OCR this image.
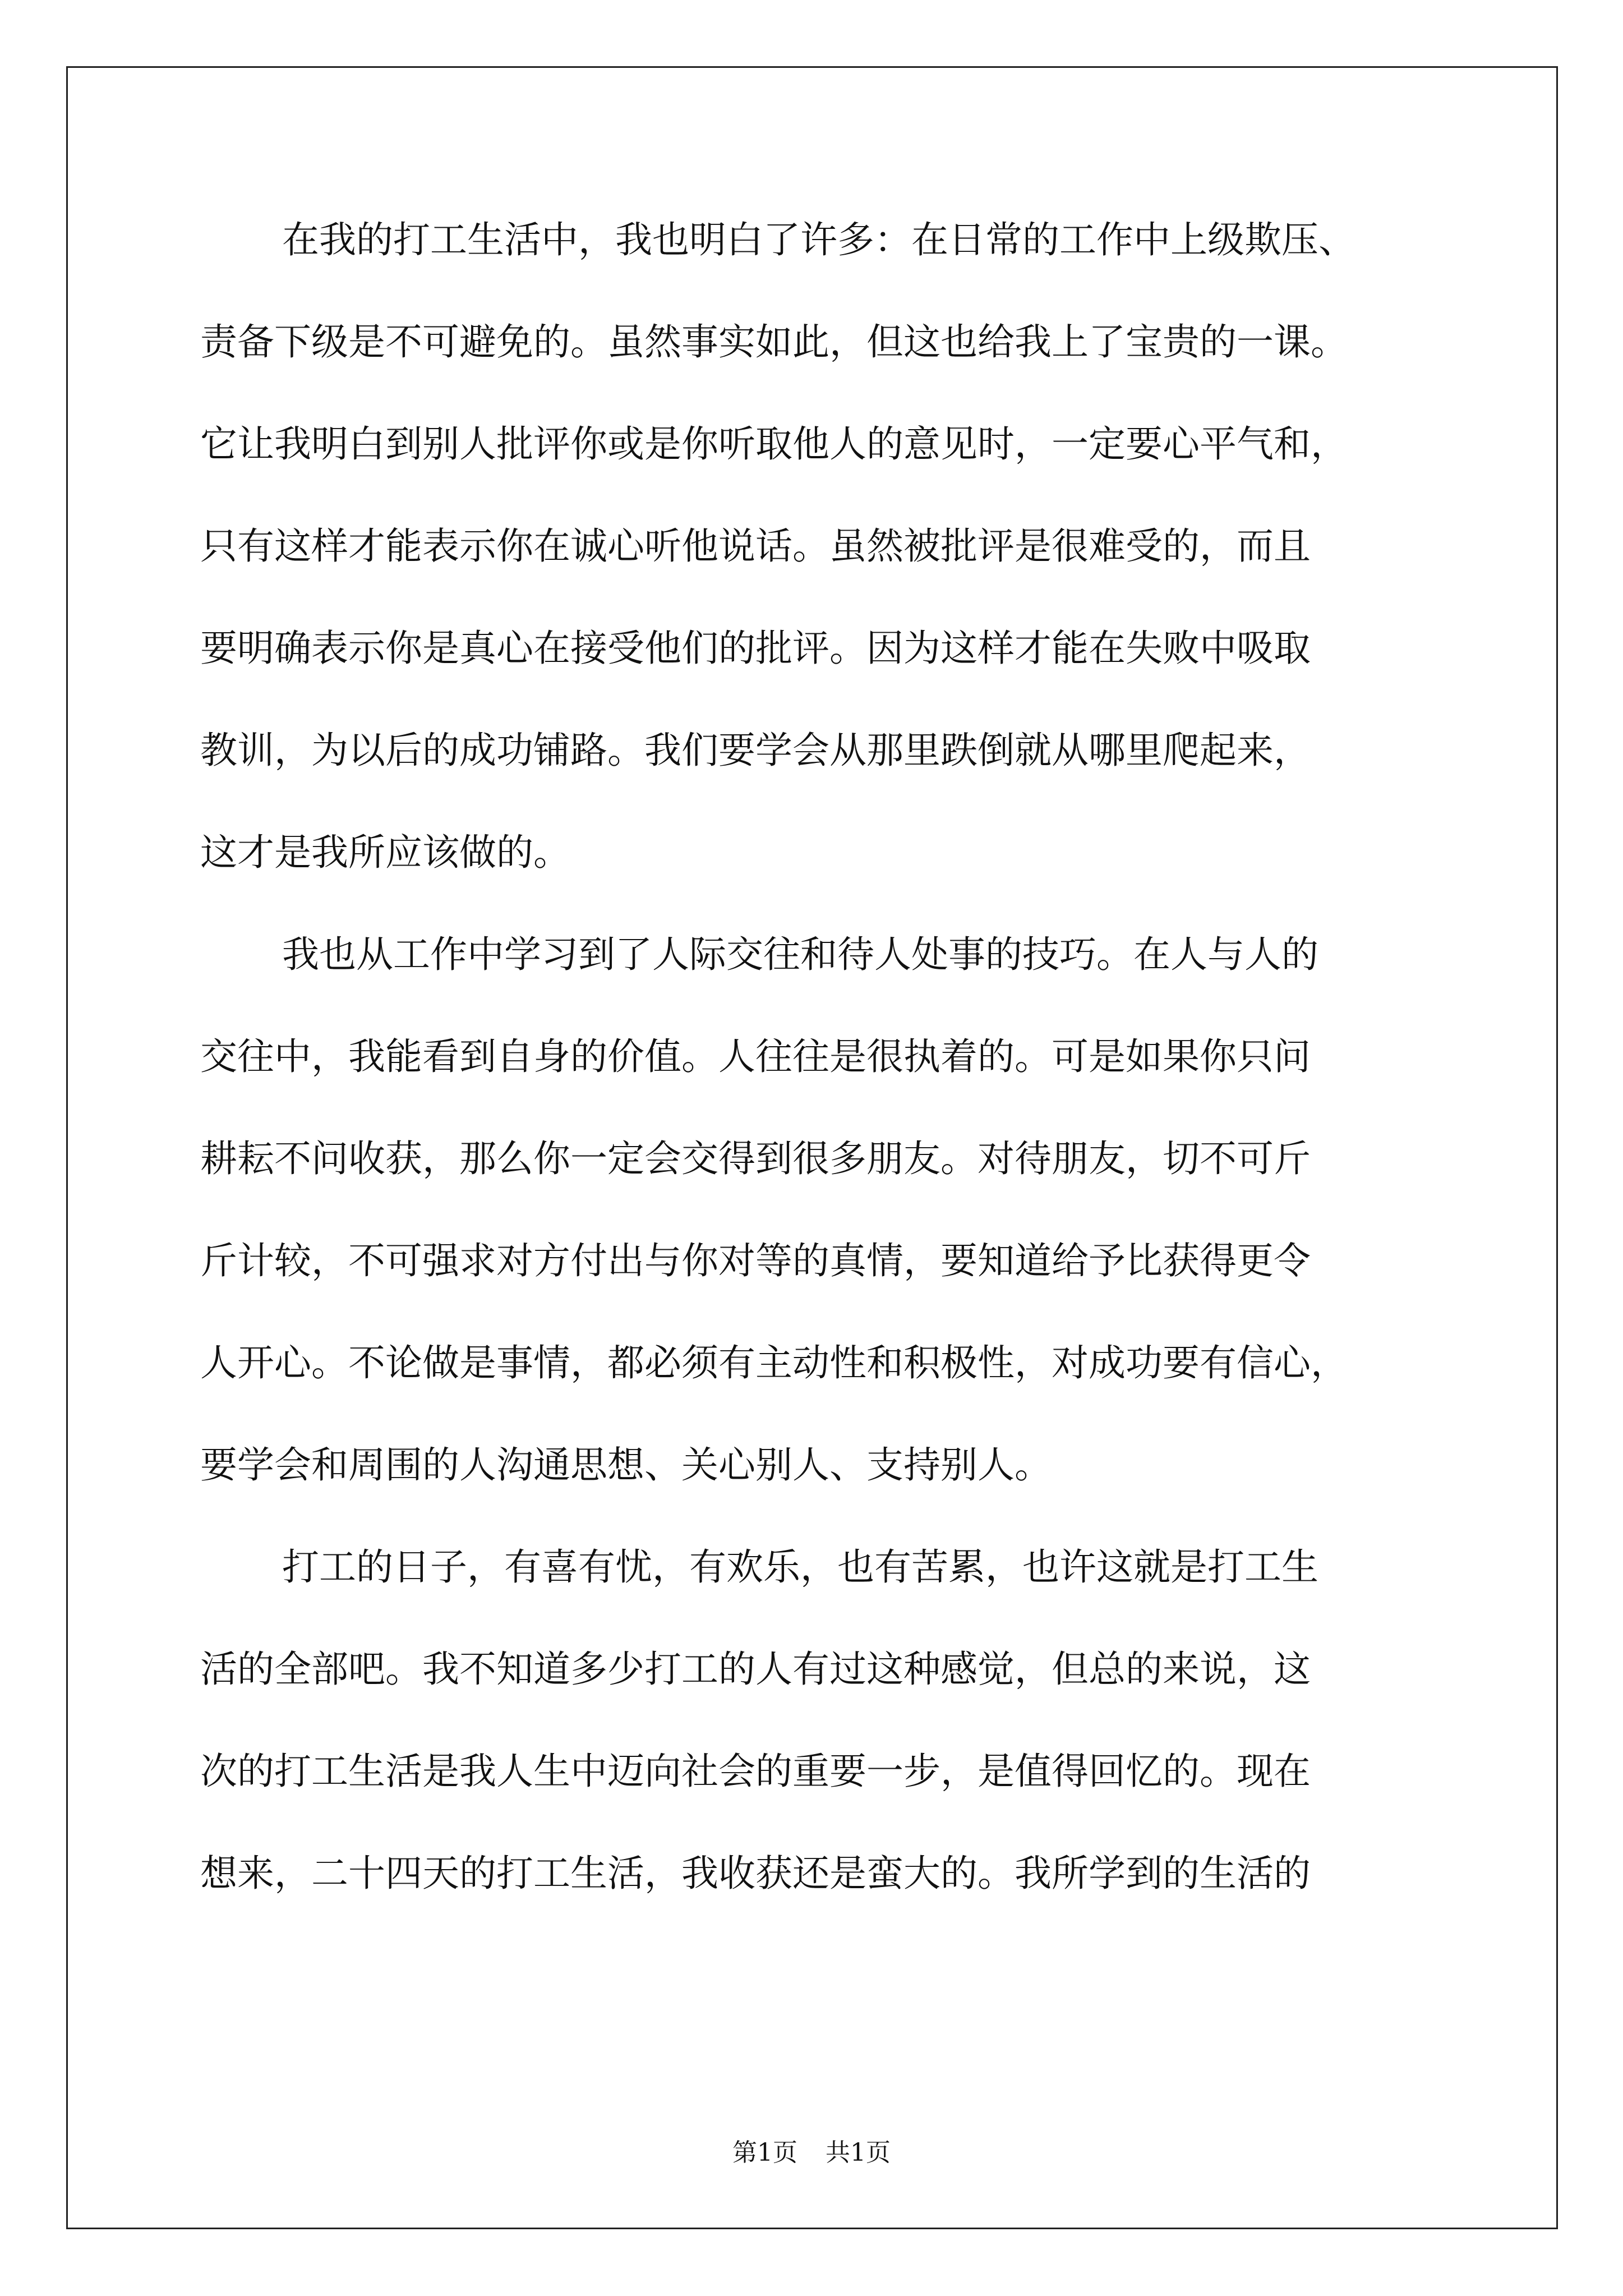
在我的打工生活中，我也明白了许多：在日常的工作中上级欺压、
责备下级是不可避免的。虽然事实如此，但这也给我上了宝贵的一课。
它让我明白到别人批评你或是你听取他人的意见时，一定要心平气和，
只有这样才能表示你在诚心听他说话。虽然被批评是很难受的，而且
要明确表示你是真心在接受他们的批评。因为这样才能在失败中吸取
教训，为以后的成功铺路。我们要学会从那里跌倒就从哪里爬起来，
这才是我所应该做的。
我也从工作中学习到了人际交往和待人处事的技巧。在人与人的
交往中，我能看到自身的价值。人往往是很执着的。可是如果你只问
耕耘不问收获，那么你一定会交得到很多朋友。对待朋友，切不可斤
斤计较，不可强求对方付出与你对等的真情，要知道给予比获得更令
人开心。不论做是事情，都必须有主动性和积极性，对成功要有信心，
要学会和周围的人沟通思想、关心别人、支持别人。
打工的日子，有喜有忧，有欢乐，也有苦累，也许这就是打工生
活的全部吧。我不知道多少打工的人有过这种感觉，但总的来说，这
次的打工生活是我人生中迈向社会的重要一步，是值得回忆的。现在
想来，二十四天的打工生活，我收获还是蛮大的。我所学到的生活的
第1页 共1页
